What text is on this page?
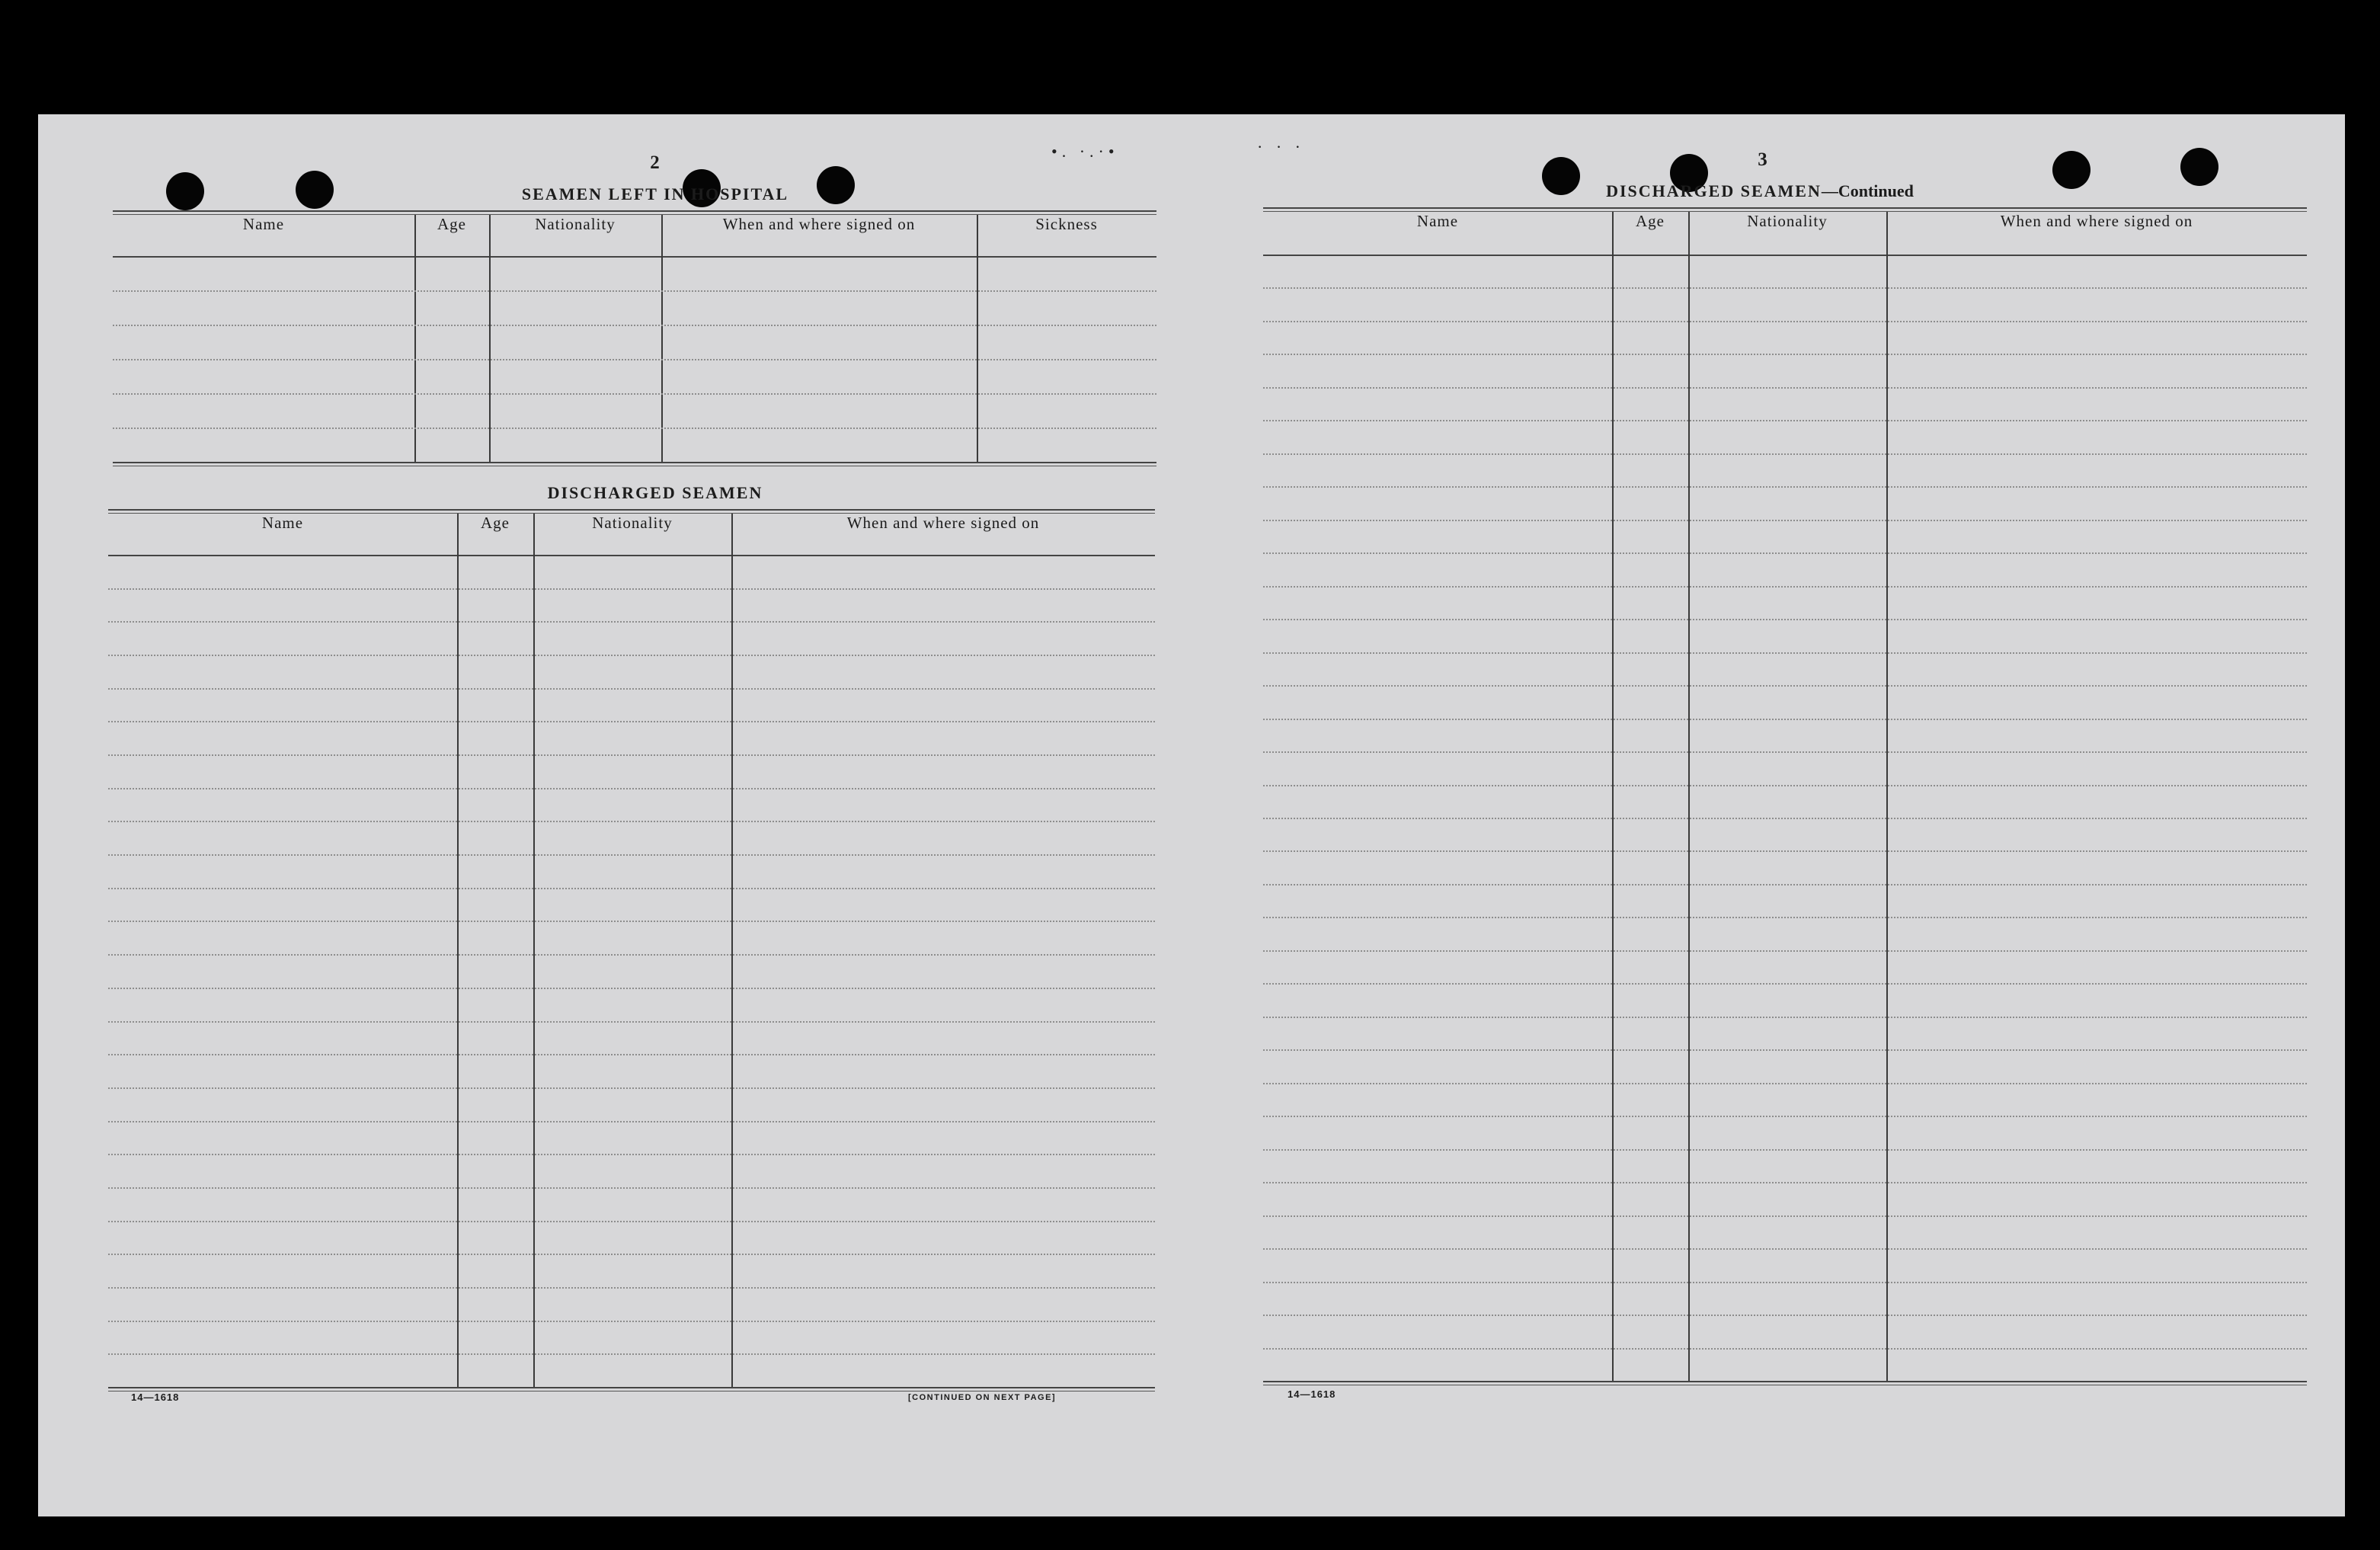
•. ·.·•	· · ·
2
SEAMEN LEFT IN HOSPITAL
Name	Age	Nationality	When and where signed on	Sickness
DISCHARGED SEAMEN
Name	Age	Nationality	When and where signed on
14—1618	[CONTINUED ON NEXT PAGE]
3
DISCHARGED SEAMEN—Continued
Name	Age	Nationality	When and where signed on
14—1618
